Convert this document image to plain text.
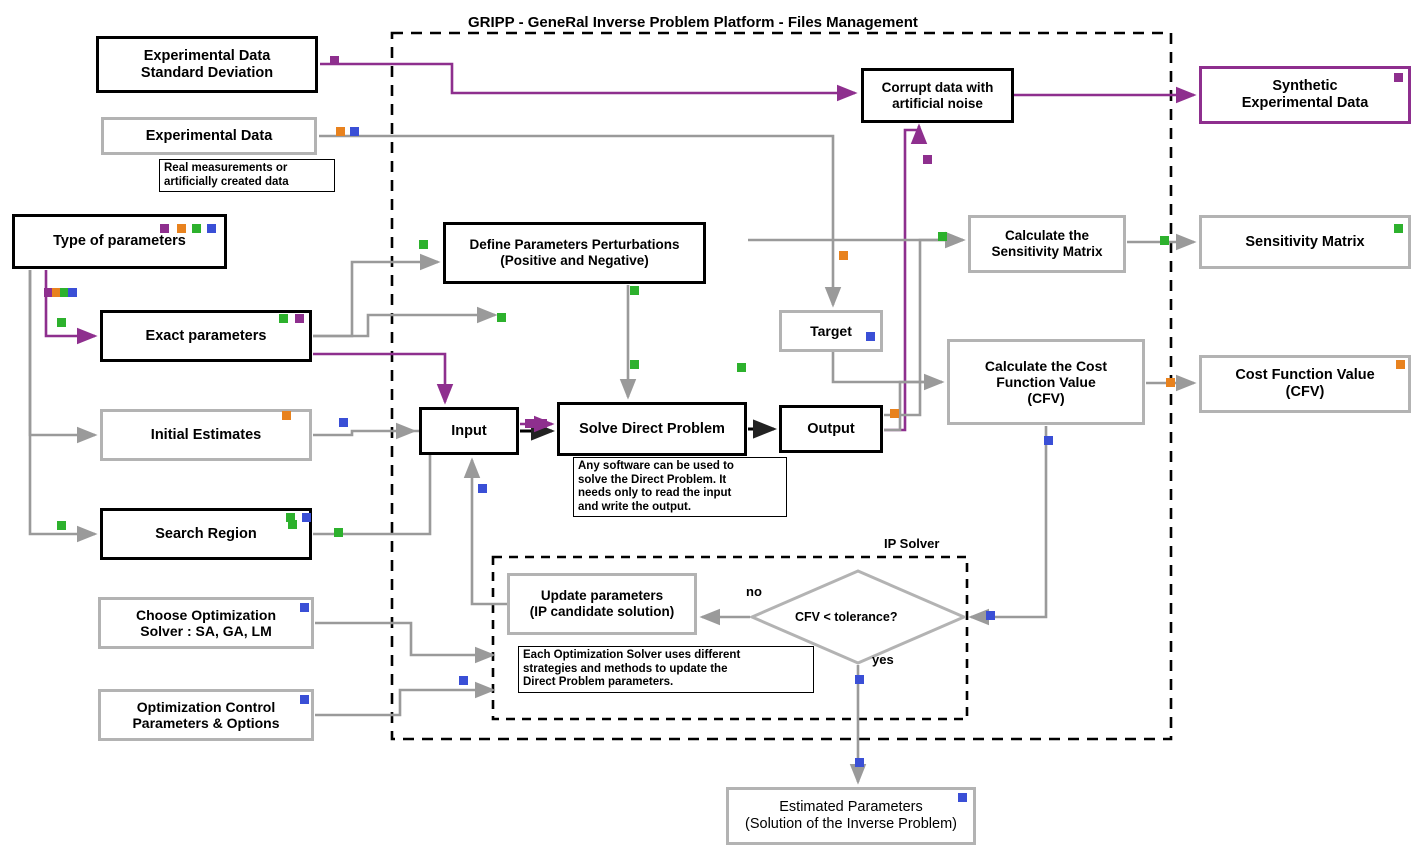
GRIPP - GeneRal Inverse Problem Platform - Files Management
CFV < tolerance?
Experimental Data
Standard Deviation
Experimental Data
Type of parameters
Exact parameters
Initial Estimates
Search Region
Choose Optimization
Solver : SA, GA, LM
Optimization Control
Parameters & Options
Define Parameters Perturbations
(Positive and Negative)
Input	Solve Direct Problem	Output
Target
Corrupt data with
artificial noise
Calculate the
Sensitivity Matrix
Calculate the Cost
Function Value
(CFV)
Synthetic
Experimental Data
Sensitivity Matrix
Cost Function Value
(CFV)
Update parameters
(IP candidate solution)
Estimated Parameters
(Solution of the Inverse Problem)
Real measurements or
artificially created data
Any software can be used to
solve the Direct Problem. It
needs only to read the input
and write the output.
Each Optimization Solver uses different
strategies and methods to update the
Direct Problem parameters.
IP Solver
no
yes
